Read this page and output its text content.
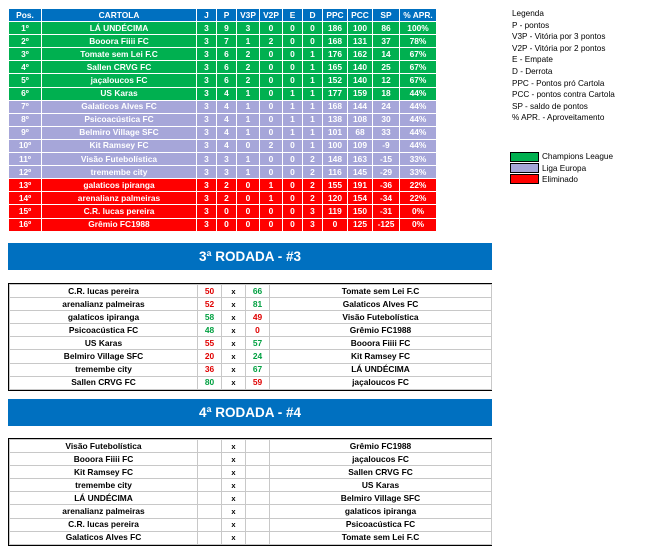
Pos.	CARTOLA	J	P	V3P	V2P	E	D	PPC	PCC	SP	% APR.
1º	LÁ UNDÉCIMA	3	9	3	0	0	0	186	100	86	100%
2º	Booora Fiiii FC	3	7	1	2	0	0	168	131	37	78%
3º	Tomate sem Lei F.C	3	6	2	0	0	1	176	162	14	67%
4º	Sallen CRVG FC	3	6	2	0	0	1	165	140	25	67%
5º	jaçaloucos FC	3	6	2	0	0	1	152	140	12	67%
6º	US Karas	3	4	1	0	1	1	177	159	18	44%
7º	Galaticos Alves FC	3	4	1	0	1	1	168	144	24	44%
8º	Psicoacústica FC	3	4	1	0	1	1	138	108	30	44%
9º	Belmiro Village SFC	3	4	1	0	1	1	101	68	33	44%
10º	Kit Ramsey FC	3	4	0	2	0	1	100	109	-9	44%
11º	Visão Futebolística	3	3	1	0	0	2	148	163	-15	33%
12º	tremembe city	3	3	1	0	0	2	116	145	-29	33%
13º	galaticos ipiranga	3	2	0	1	0	2	155	191	-36	22%
14º	arenalianz palmeiras	3	2	0	1	0	2	120	154	-34	22%
15º	C.R. lucas pereira	3	0	0	0	0	3	119	150	-31	0%
16º	Grêmio FC1988	3	0	0	0	0	3	0	125	-125	0%
Legenda
P - pontos
V3P - Vitória por 3 pontos
V2P - Vitória por 2 pontos
E - Empate
D - Derrota
PPC - Pontos pró Cartola
PCC - pontos contra Cartola
SP - saldo de pontos
% APR. - Aproveitamento
Champions League
Liga Europa
Eliminado
3ª RODADA - #3
C.R. lucas pereira	50	x	66	Tomate sem Lei F.C
arenalianz palmeiras	52	x	81	Galaticos Alves FC
galaticos ipiranga	58	x	49	Visão Futebolística
Psicoacústica FC	48	x	0	Grêmio FC1988
US Karas	55	x	57	Booora Fiiii FC
Belmiro Village SFC	20	x	24	Kit Ramsey FC
tremembe city	36	x	67	LÁ UNDÉCIMA
Sallen CRVG FC	80	x	59	jaçaloucos FC
4ª RODADA - #4
Visão Futebolística		x		Grêmio FC1988
Booora Fiiii FC		x		jaçaloucos FC
Kit Ramsey FC		x		Sallen CRVG FC
tremembe city		x		US Karas
LÁ UNDÉCIMA		x		Belmiro Village SFC
arenalianz palmeiras		x		galaticos ipiranga
C.R. lucas pereira		x		Psicoacústica FC
Galaticos Alves FC		x		Tomate sem Lei F.C
